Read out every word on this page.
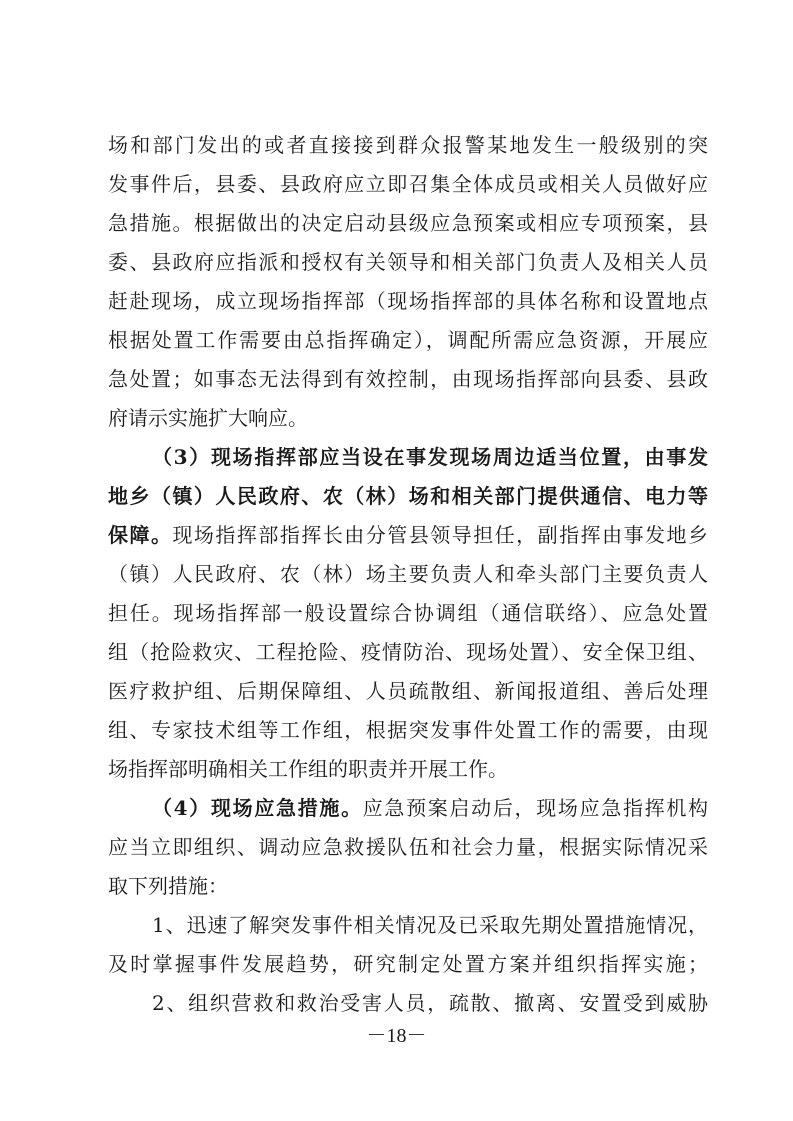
场和部门发出的或者直接接到群众报警某地发生一般级别的突
发事件后，县委、县政府应立即召集全体成员或相关人员做好应
急措施。根据做出的决定启动县级应急预案或相应专项预案，县
委、县政府应指派和授权有关领导和相关部门负责人及相关人员
赶赴现场，成立现场指挥部（现场指挥部的具体名称和设置地点
根据处置工作需要由总指挥确定），调配所需应急资源，开展应
急处置；如事态无法得到有效控制，由现场指挥部向县委、县政
府请示实施扩大响应。
（3）现场指挥部应当设在事发现场周边适当位置，由事发
地乡（镇）人民政府、农（林）场和相关部门提供通信、电力等
保障。现场指挥部指挥长由分管县领导担任，副指挥由事发地乡
（镇）人民政府、农（林）场主要负责人和牵头部门主要负责人
担任。现场指挥部一般设置综合协调组（通信联络）、应急处置
组（抢险救灾、工程抢险、疫情防治、现场处置）、安全保卫组、
医疗救护组、后期保障组、人员疏散组、新闻报道组、善后处理
组、专家技术组等工作组，根据突发事件处置工作的需要，由现
场指挥部明确相关工作组的职责并开展工作。
（4）现场应急措施。应急预案启动后，现场应急指挥机构
应当立即组织、调动应急救援队伍和社会力量，根据实际情况采
取下列措施：
1、迅速了解突发事件相关情况及已采取先期处置措施情况，
及时掌握事件发展趋势，研究制定处置方案并组织指挥实施；
2、组织营救和救治受害人员，疏散、撤离、安置受到威胁
－18－
